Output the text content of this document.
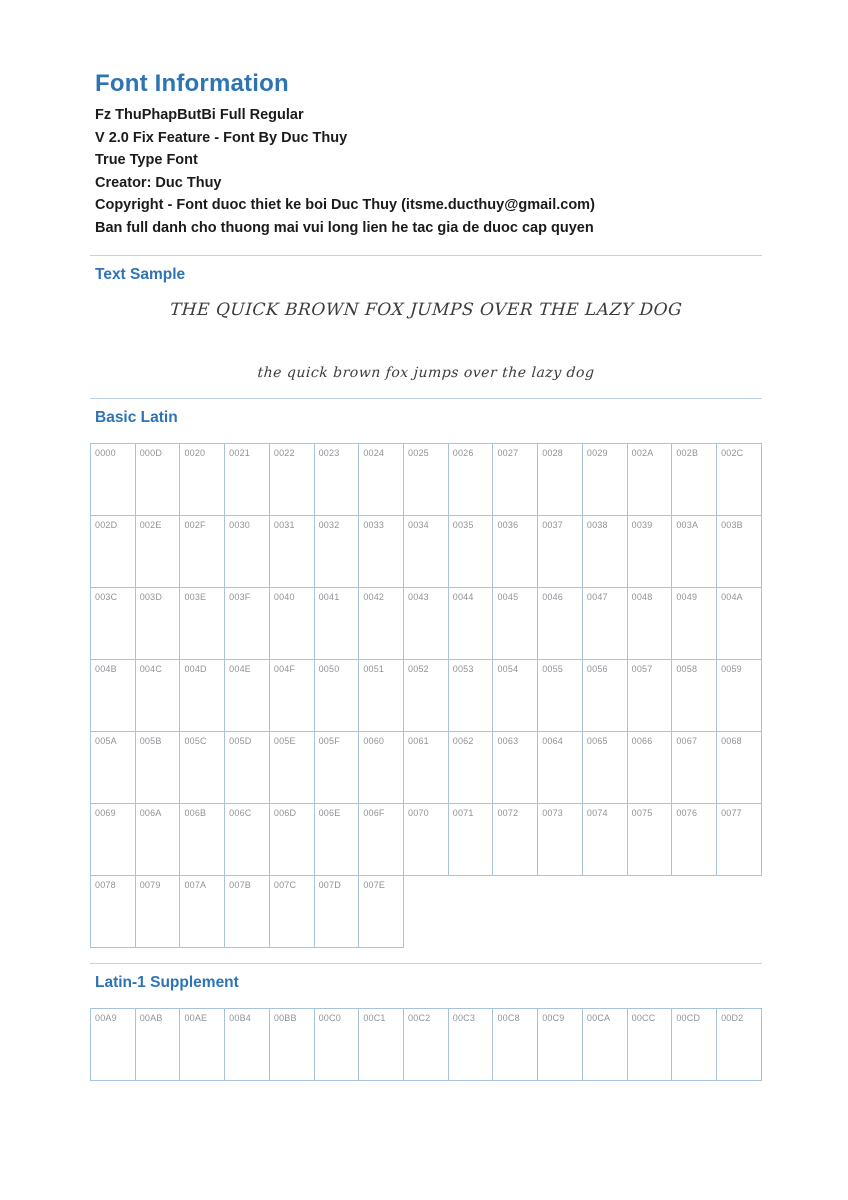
Font Information
Fz ThuPhapButBi Full Regular
V 2.0 Fix Feature - Font By Duc Thuy
True Type Font
Creator: Duc Thuy
Copyright - Font duoc thiet ke boi Duc Thuy (itsme.ducthuy@gmail.com)
Ban full danh cho thuong mai vui long lien he tac gia de duoc cap quyen
Text Sample
THE QUICK BROWN FOX JUMPS OVER THE LAZY DOG
the quick brown fox jumps over the lazy dog
Basic Latin
0000	000D	0020	0021	0022	0023	0024	0025	0026	0027	0028	0029	002A	002B	002C
002D	002E	002F	0030	0031	0032	0033	0034	0035	0036	0037	0038	0039	003A	003B
003C	003D	003E	003F	0040	0041	0042	0043	0044	0045	0046	0047	0048	0049	004A
004B	004C	004D	004E	004F	0050	0051	0052	0053	0054	0055	0056	0057	0058	0059
005A	005B	005C	005D	005E	005F	0060	0061	0062	0063	0064	0065	0066	0067	0068
0069	006A	006B	006C	006D	006E	006F	0070	0071	0072	0073	0074	0075	0076	0077
0078	0079	007A	007B	007C	007D	007E
Latin-1 Supplement
00A9	00AB	00AE	00B4	00BB	00C0	00C1	00C2	00C3	00C8	00C9	00CA	00CC	00CD	00D2
